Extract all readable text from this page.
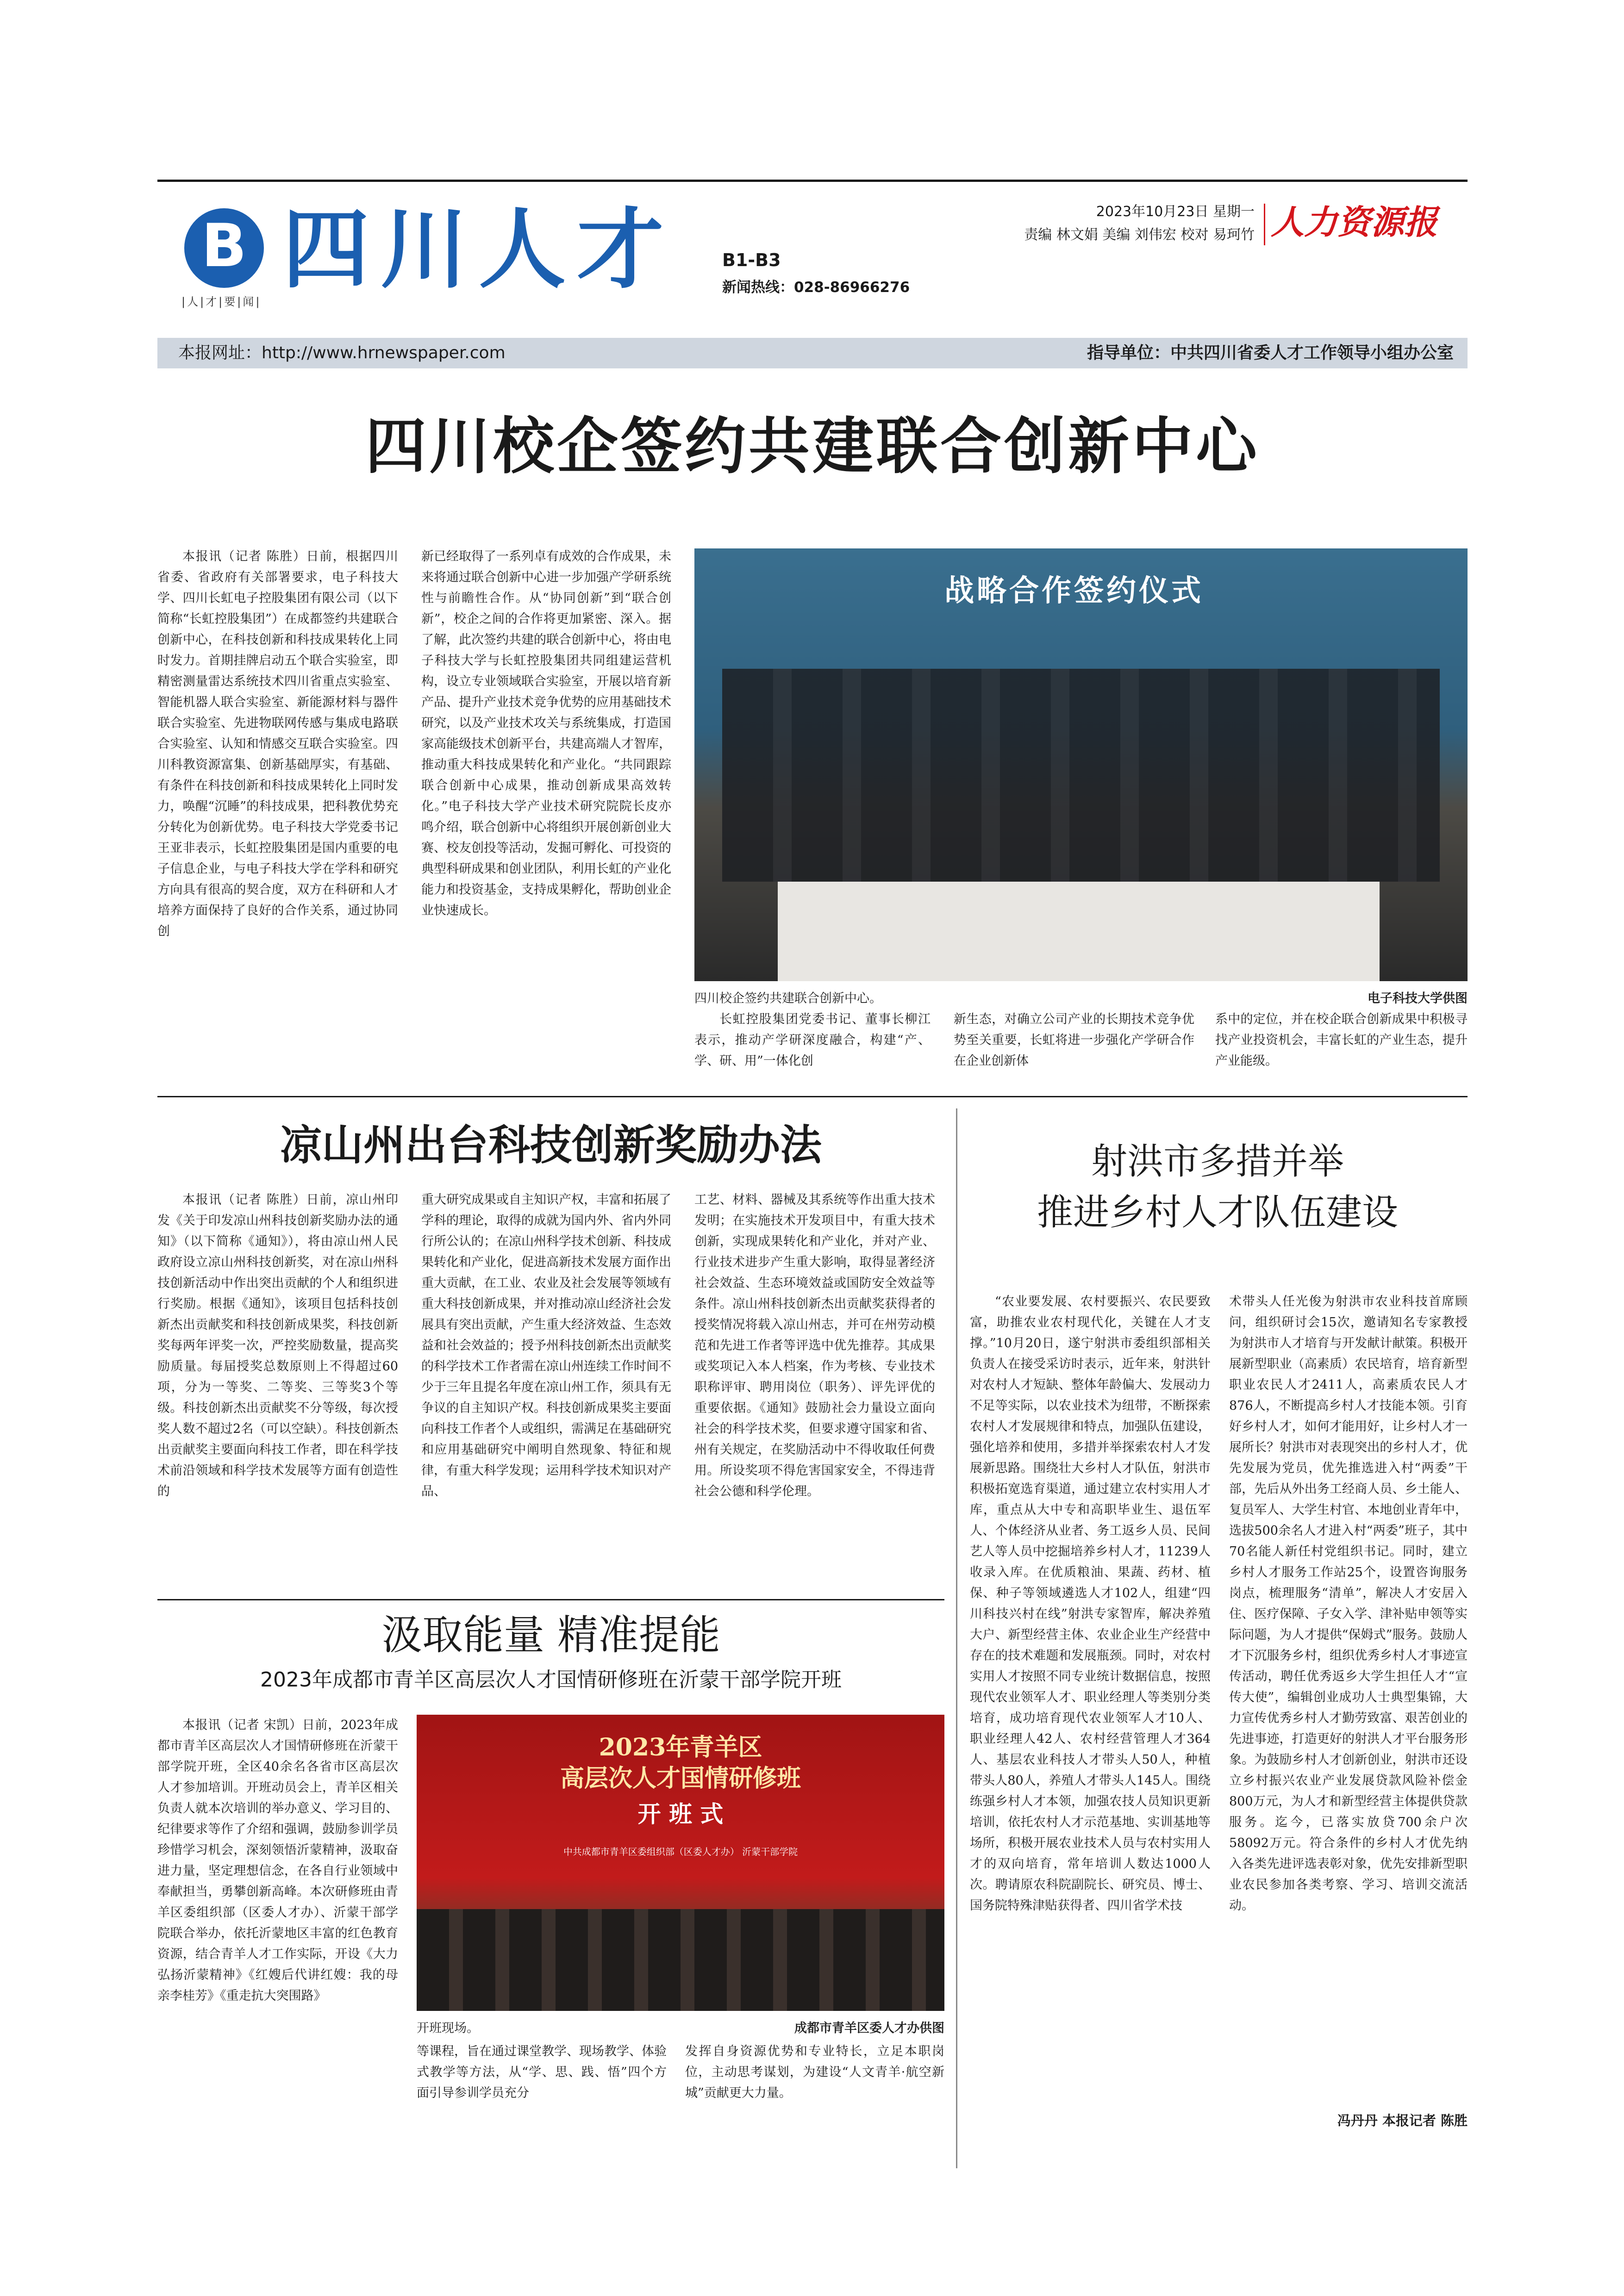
B
|人|才|要|闻|
四川人才	B1-B3
新闻热线：028-86966276
2023年10月23日 星期一
责编 林文娟 美编 刘伟宏 校对 易珂竹 人力资源报
本报网址：http://www.hrnewspaper.com	指导单位：中共四川省委人才工作领导小组办公室
四川校企签约共建联合创新中心

本报讯（记者 陈胜）日前，根据四川省委、省政府有关部署要求，电子科技大学、四川长虹电子控股集团有限公司（以下简称“长虹控股集团”）在成都签约共建联合创新中心，在科技创新和科技成果转化上同时发力。首期挂牌启动五个联合实验室，即精密测量雷达系统技术四川省重点实验室、智能机器人联合实验室、新能源材料与器件联合实验室、先进物联网传感与集成电路联合实验室、认知和情感交互联合实验室。四川科教资源富集、创新基础厚实，有基础、有条件在科技创新和科技成果转化上同时发力，唤醒“沉睡”的科技成果，把科教优势充分转化为创新优势。电子科技大学党委书记王亚非表示，长虹控股集团是国内重要的电子信息企业，与电子科技大学在学科和研究方向具有很高的契合度，双方在科研和人才培养方面保持了良好的合作关系，通过协同创

新已经取得了一系列卓有成效的合作成果，未来将通过联合创新中心进一步加强产学研系统性与前瞻性合作。从“协同创新”到“联合创新”，校企之间的合作将更加紧密、深入。据了解，此次签约共建的联合创新中心，将由电子科技大学与长虹控股集团共同组建运营机构，设立专业领域联合实验室，开展以培育新产品、提升产业技术竞争优势的应用基础技术研究，以及产业技术攻关与系统集成，打造国家高能级技术创新平台，共建高端人才智库，推动重大科技成果转化和产业化。“共同跟踪联合创新中心成果，推动创新成果高效转化。”电子科技大学产业技术研究院院长皮亦鸣介绍，联合创新中心将组织开展创新创业大赛、校友创投等活动，发掘可孵化、可投资的典型科研成果和创业团队，利用长虹的产业化能力和投资基金，支持成果孵化，帮助创业企业快速成长。

战略合作签约仪式
四川校企签约共建联合创新中心。	电子科技大学供图

长虹控股集团党委书记、董事长柳江表示，推动产学研深度融合，构建“产、学、研、用”一体化创

新生态，对确立公司产业的长期技术竞争优势至关重要，长虹将进一步强化产学研合作在企业创新体

系中的定位，并在校企联合创新成果中积极寻找产业投资机会，丰富长虹的产业生态，提升产业能级。

凉山州出台科技创新奖励办法

本报讯（记者 陈胜）日前，凉山州印发《关于印发凉山州科技创新奖励办法的通知》（以下简称《通知》），将由凉山州人民政府设立凉山州科技创新奖，对在凉山州科技创新活动中作出突出贡献的个人和组织进行奖励。根据《通知》，该项目包括科技创新杰出贡献奖和科技创新成果奖，科技创新奖每两年评奖一次，严控奖励数量，提高奖励质量。每届授奖总数原则上不得超过60项，分为一等奖、二等奖、三等奖3个等级。科技创新杰出贡献奖不分等级，每次授奖人数不超过2名（可以空缺）。科技创新杰出贡献奖主要面向科技工作者，即在科学技术前沿领域和科学技术发展等方面有创造性的

重大研究成果或自主知识产权，丰富和拓展了学科的理论，取得的成就为国内外、省内外同行所公认的；在凉山州科学技术创新、科技成果转化和产业化，促进高新技术发展方面作出重大贡献，在工业、农业及社会发展等领域有重大科技创新成果，并对推动凉山经济社会发展具有突出贡献，产生重大经济效益、生态效益和社会效益的；授予州科技创新杰出贡献奖的科学技术工作者需在凉山州连续工作时间不少于三年且提名年度在凉山州工作，须具有无争议的自主知识产权。科技创新成果奖主要面向科技工作者个人或组织，需满足在基础研究和应用基础研究中阐明自然现象、特征和规律，有重大科学发现；运用科学技术知识对产品、

工艺、材料、器械及其系统等作出重大技术发明；在实施技术开发项目中，有重大技术创新，实现成果转化和产业化，并对产业、行业技术进步产生重大影响，取得显著经济社会效益、生态环境效益或国防安全效益等条件。凉山州科技创新杰出贡献奖获得者的授奖情况将载入凉山州志，并可在州劳动模范和先进工作者等评选中优先推荐。其成果或奖项记入本人档案，作为考核、专业技术职称评审、聘用岗位（职务）、评先评优的重要依据。《通知》鼓励社会力量设立面向社会的科学技术奖，但要求遵守国家和省、州有关规定，在奖励活动中不得收取任何费用。所设奖项不得危害国家安全，不得违背社会公德和科学伦理。

射洪市多措并举
推进乡村人才队伍建设

“农业要发展、农村要振兴、农民要致富，助推农业农村现代化，关键在人才支撑。”10月20日，遂宁射洪市委组织部相关负责人在接受采访时表示，近年来，射洪针对农村人才短缺、整体年龄偏大、发展动力不足等实际，以农业技术为纽带，不断探索农村人才发展规律和特点，加强队伍建设，强化培养和使用，多措并举探索农村人才发展新思路。围绕壮大乡村人才队伍，射洪市积极拓宽选育渠道，通过建立农村实用人才库，重点从大中专和高职毕业生、退伍军人、个体经济从业者、务工返乡人员、民间艺人等人员中挖掘培养乡村人才，11239人收录入库。在优质粮油、果蔬、药材、植保、种子等领域遴选人才102人，组建“四川科技兴村在线”射洪专家智库，解决养殖大户、新型经营主体、农业企业生产经营中存在的技术难题和发展瓶颈。同时，对农村实用人才按照不同专业统计数据信息，按照现代农业领军人才、职业经理人等类别分类培育，成功培育现代农业领军人才10人、职业经理人42人、农村经营管理人才364人、基层农业科技人才带头人50人，种植带头人80人，养殖人才带头人145人。围绕练强乡村人才本领，加强农技人员知识更新培训，依托农村人才示范基地、实训基地等场所，积极开展农业技术人员与农村实用人才的双向培育，常年培训人数达1000人次。聘请原农科院副院长、研究员、博士、国务院特殊津贴获得者、四川省学术技

术带头人任光俊为射洪市农业科技首席顾问，组织研讨会15次，邀请知名专家教授为射洪市人才培育与开发献计献策。积极开展新型职业（高素质）农民培育，培育新型职业农民人才2411人，高素质农民人才876人，不断提高乡村人才技能本领。引育好乡村人才，如何才能用好，让乡村人才一展所长？射洪市对表现突出的乡村人才，优先发展为党员，优先推选进入村“两委”干部，先后从外出务工经商人员、乡土能人、复员军人、大学生村官、本地创业青年中，选拔500余名人才进入村“两委”班子，其中70名能人新任村党组织书记。同时，建立乡村人才服务工作站25个，设置咨询服务岗点，梳理服务“清单”，解决人才安居入住、医疗保障、子女入学、津补贴申领等实际问题，为人才提供“保姆式”服务。鼓励人才下沉服务乡村，组织优秀乡村人才事迹宣传活动，聘任优秀返乡大学生担任人才“宣传大使”，编辑创业成功人士典型集锦，大力宣传优秀乡村人才勤劳致富、艰苦创业的先进事迹，打造更好的射洪人才平台服务形象。为鼓励乡村人才创新创业，射洪市还设立乡村振兴农业产业发展贷款风险补偿金800万元，为人才和新型经营主体提供贷款服务。迄今，已落实放贷700余户次58092万元。符合条件的乡村人才优先纳入各类先进评选表彰对象，优先安排新型职业农民参加各类考察、学习、培训交流活动。

冯丹丹 本报记者 陈胜
汲取能量 精准提能
2023年成都市青羊区高层次人才国情研修班在沂蒙干部学院开班

本报讯（记者 宋凯）日前，2023年成都市青羊区高层次人才国情研修班在沂蒙干部学院开班，全区40余名各省市区高层次人才参加培训。开班动员会上，青羊区相关负责人就本次培训的举办意义、学习目的、纪律要求等作了介绍和强调，鼓励参训学员珍惜学习机会，深刻领悟沂蒙精神，汲取奋进力量，坚定理想信念，在各自行业领域中奉献担当，勇攀创新高峰。本次研修班由青羊区委组织部（区委人才办）、沂蒙干部学院联合举办，依托沂蒙地区丰富的红色教育资源，结合青羊人才工作实际，开设《大力弘扬沂蒙精神》《红嫂后代讲红嫂：我的母亲李桂芳》《重走抗大突围路》

2023年青羊区
高层次人才国情研修班
开 班 式
中共成都市青羊区委组织部（区委人才办） 沂蒙干部学院
开班现场。	成都市青羊区委人才办供图

等课程，旨在通过课堂教学、现场教学、体验式教学等方法，从“学、思、践、悟”四个方面引导参训学员充分

发挥自身资源优势和专业特长，立足本职岗位，主动思考谋划，为建设“人文青羊·航空新城”贡献更大力量。
